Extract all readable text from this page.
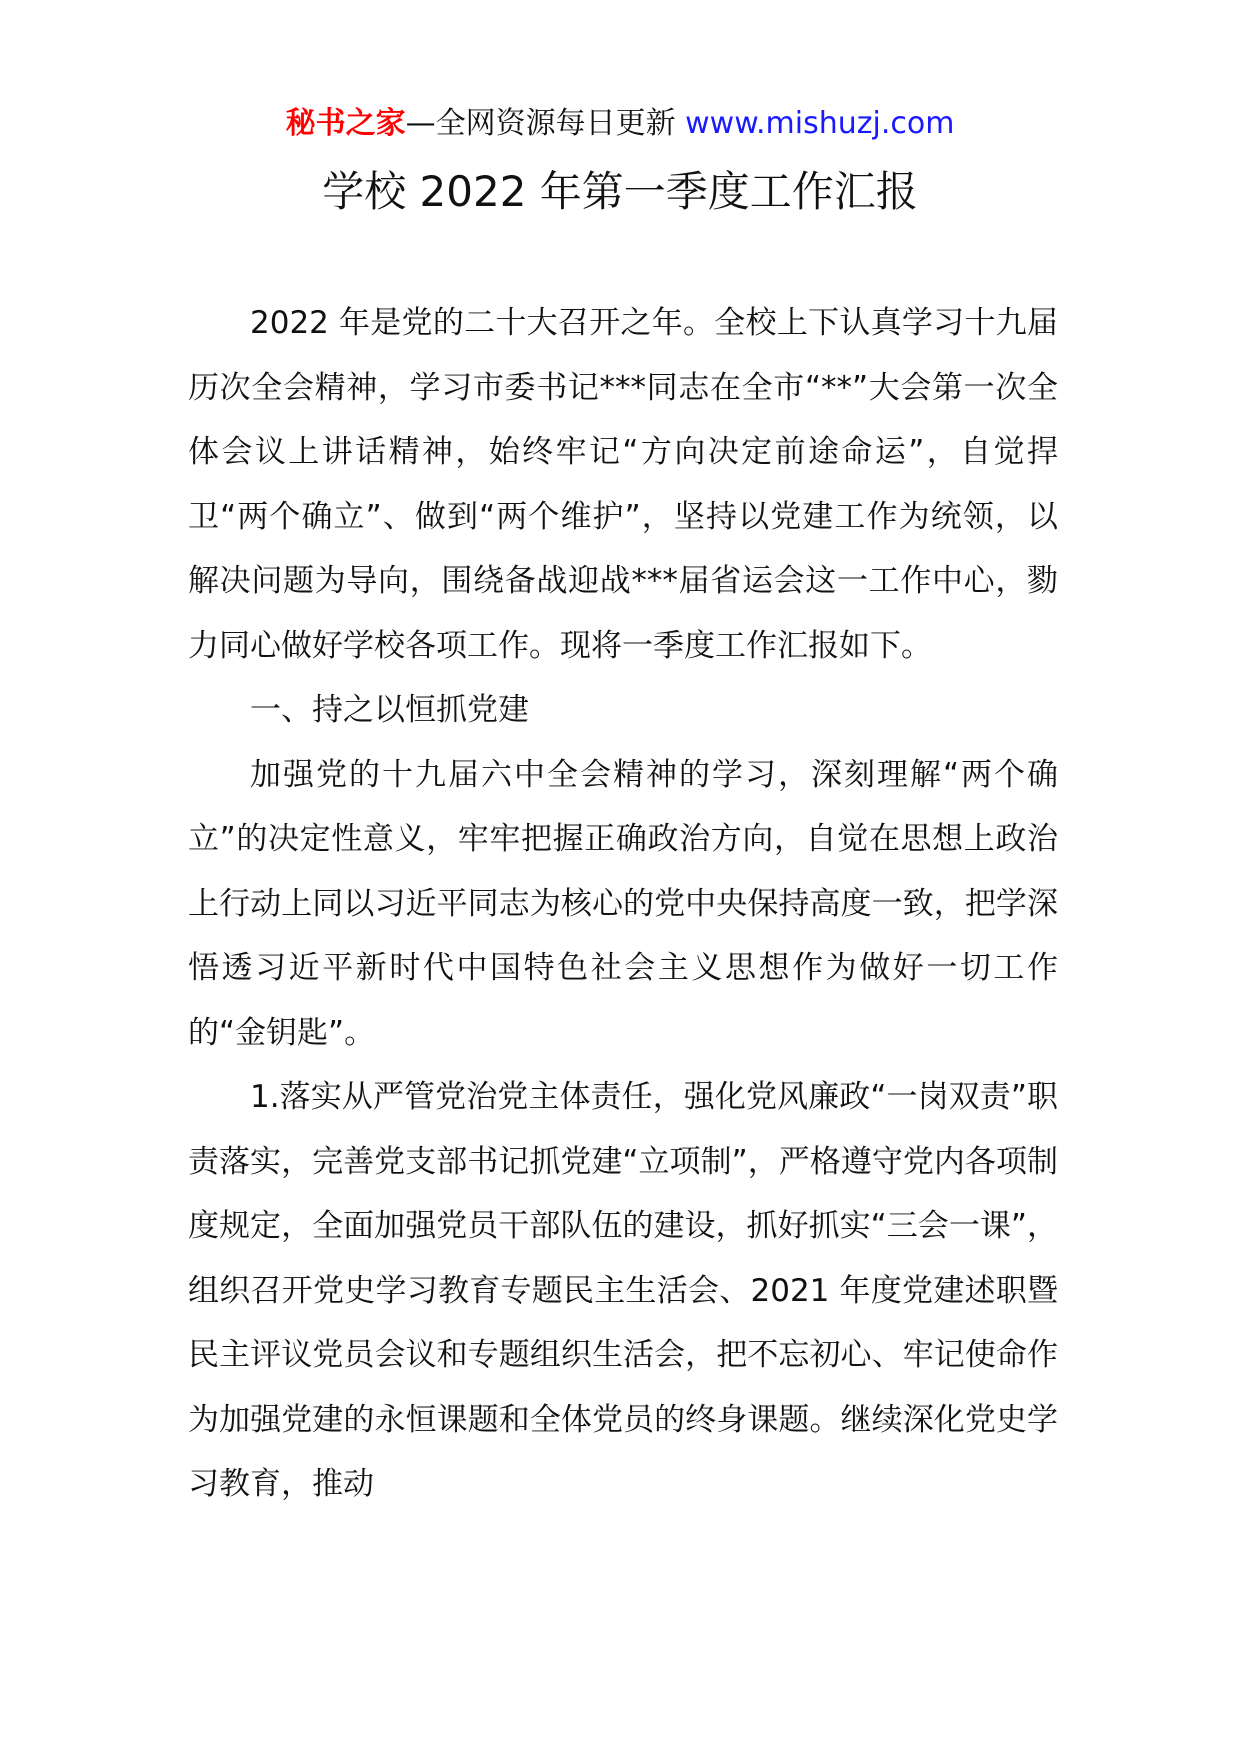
秘书之家—全网资源每日更新 www.mishuzj.com
学校 2022 年第一季度工作汇报

2022 年是党的二十大召开之年。全校上下认真学习十九届历次全会精神，学习市委书记***同志在全市“**”大会第一次全体会议上讲话精神，始终牢记“方向决定前途命运”，自觉捍卫“两个确立”、做到“两个维护”，坚持以党建工作为统领，以解决问题为导向，围绕备战迎战***届省运会这一工作中心，勠力同心做好学校各项工作。现将一季度工作汇报如下。

一、持之以恒抓党建

加强党的十九届六中全会精神的学习，深刻理解“两个确立”的决定性意义，牢牢把握正确政治方向，自觉在思想上政治上行动上同以习近平同志为核心的党中央保持高度一致，把学深悟透习近平新时代中国特色社会主义思想作为做好一切工作的“金钥匙”。

1.落实从严管党治党主体责任，强化党风廉政“一岗双责”职责落实，完善党支部书记抓党建“立项制”，严格遵守党内各项制度规定，全面加强党员干部队伍的建设，抓好抓实“三会一课”，组织召开党史学习教育专题民主生活会、2021 年度党建述职暨民主评议党员会议和专题组织生活会，把不忘初心、牢记使命作为加强党建的永恒课题和全体党员的终身课题。继续深化党史学习教育，推动
